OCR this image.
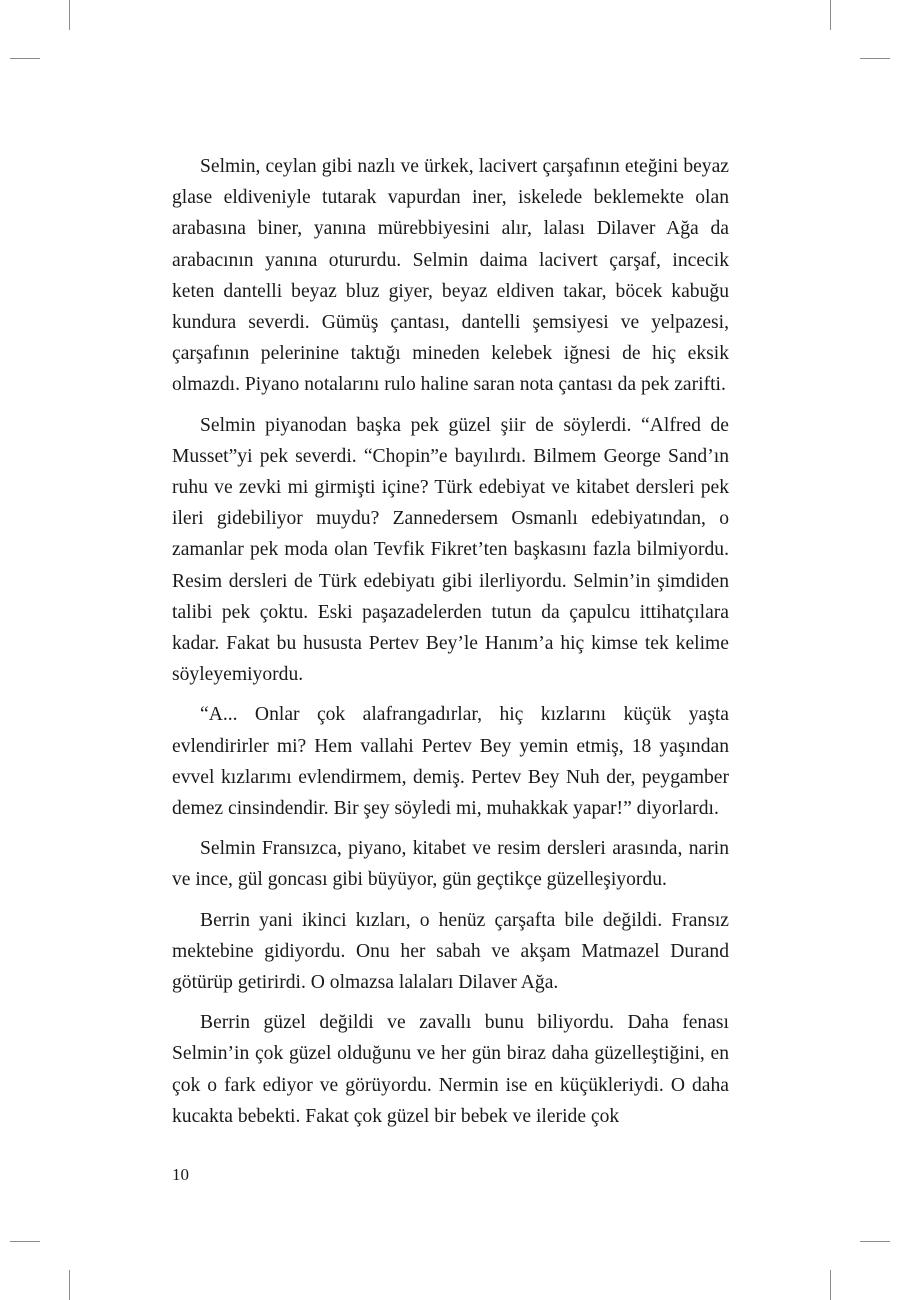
Selmin, ceylan gibi nazlı ve ürkek, lacivert çarşafının eteğini beyaz glase eldiveniyle tutarak vapurdan iner, iskelede beklemekte olan arabasına biner, yanına mürebbiyesini alır, lalası Dilaver Ağa da arabacının yanına otururdu. Selmin daima lacivert çarşaf, incecik keten dantelli beyaz bluz giyer, beyaz eldiven takar, böcek kabuğu kundura severdi. Gümüş çantası, dantelli şemsiyesi ve yelpazesi, çarşafının pelerinine taktığı mineden kelebek iğnesi de hiç eksik olmazdı. Piyano notalarını rulo haline saran nota çantası da pek zarifti.

Selmin piyanodan başka pek güzel şiir de söylerdi. “Alfred de Musset”yi pek severdi. “Chopin”e bayılırdı. Bilmem George Sand’ın ruhu ve zevki mi girmişti içine? Türk edebiyat ve kitabet dersleri pek ileri gidebiliyor muydu? Zannedersem Osmanlı edebiyatından, o zamanlar pek moda olan Tevfik Fikret’ten başkasını fazla bilmiyordu. Resim dersleri de Türk edebiyatı gibi ilerliyordu. Selmin’in şimdiden talibi pek çoktu. Eski paşazadelerden tutun da çapulcu ittihatçılara kadar. Fakat bu hususta Pertev Bey’le Hanım’a hiç kimse tek kelime söyleyemiyordu.

“A... Onlar çok alafrangadırlar, hiç kızlarını küçük yaşta evlendirirler mi? Hem vallahi Pertev Bey yemin etmiş, 18 yaşından evvel kızlarımı evlendirmem, demiş. Pertev Bey Nuh der, peygamber demez cinsindendir. Bir şey söyledi mi, muhakkak yapar!” diyorlardı.

Selmin Fransızca, piyano, kitabet ve resim dersleri arasında, narin ve ince, gül goncası gibi büyüyor, gün geçtikçe güzelleşiyordu.

Berrin yani ikinci kızları, o henüz çarşafta bile değildi. Fransız mektebine gidiyordu. Onu her sabah ve akşam Matmazel Durand götürüp getirirdi. O olmazsa lalaları Dilaver Ağa.

Berrin güzel değildi ve zavallı bunu biliyordu. Daha fenası Selmin’in çok güzel olduğunu ve her gün biraz daha güzelleştiğini, en çok o fark ediyor ve görüyordu. Nermin ise en küçükleriydi. O daha kucakta bebekti. Fakat çok güzel bir bebek ve ileride çok

10
